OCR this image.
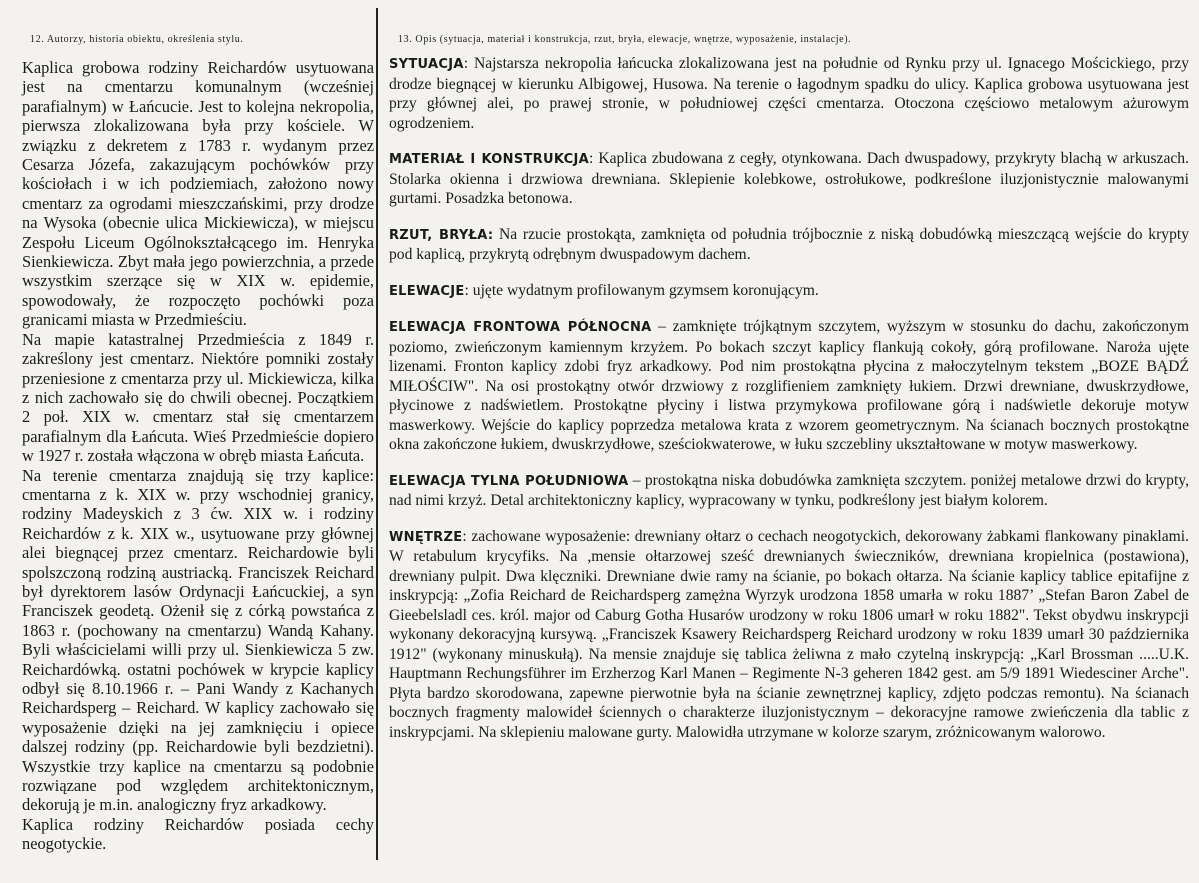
12. Autorzy, historia obiektu, określenia stylu.	13. Opis (sytuacja, materiał i konstrukcja, rzut, bryła, elewacje, wnętrze, wyposażenie, instalacje).

Kaplica grobowa rodziny Reichardów usytuowana jest na cmentarzu komunalnym (wcześniej parafialnym) w Łańcucie. Jest to kolejna nekropolia, pierwsza zlokalizowana była przy kościele. W związku z dekretem z 1783 r. wydanym przez Cesarza Józefa, zakazującym pochówków przy kościołach i w ich podziemiach, założono nowy cmentarz za ogrodami mieszczańskimi, przy drodze na Wysoka (obecnie ulica Mickiewicza), w miejscu Zespołu Liceum Ogólnokształcącego im. Henryka Sienkiewicza. Zbyt mała jego powierzchnia, a przede wszystkim szerzące się w XIX w. epidemie, spowodowały, że rozpoczęto pochówki poza granicami miasta w Przedmieściu.

Na mapie katastralnej Przedmieścia z 1849 r. zakreślony jest cmentarz. Niektóre pomniki zostały przeniesione z cmentarza przy ul. Mickiewicza, kilka z nich zachowało się do chwili obecnej. Początkiem 2 poł. XIX w. cmentarz stał się cmentarzem parafialnym dla Łańcuta. Wieś Przedmieście dopiero w 1927 r. została włączona w obręb miasta Łańcuta.

Na terenie cmentarza znajdują się trzy kaplice: cmentarna z k. XIX w. przy wschodniej granicy, rodziny Madeyskich z 3 ćw. XIX w. i rodziny Reichardów z k. XIX w., usytuowane przy głównej alei biegnącej przez cmentarz. Reichardowie byli spolszczoną rodziną austriacką. Franciszek Reichard był dyrektorem lasów Ordynacji Łańcuckiej, a syn Franciszek geodetą. Ożenił się z córką powstańca z 1863 r. (pochowany na cmentarzu) Wandą Kahany. Byli właścicielami willi przy ul. Sienkiewicza 5 zw. Reichardówką. ostatni pochówek w krypcie kaplicy odbył się 8.10.1966 r. – Pani Wandy z Kachanych Reichardsperg – Reichard. W kaplicy zachowało się wyposażenie dzięki na jej zamknięciu i opiece dalszej rodziny (pp. Reichardowie byli bezdzietni). Wszystkie trzy kaplice na cmentarzu są podobnie rozwiązane pod względem architektonicznym, dekorują je m.in. analogiczny fryz arkadkowy.

Kaplica rodziny Reichardów posiada cechy neogotyckie.

SYTUACJA: Najstarsza nekropolia łańcucka zlokalizowana jest na południe od Rynku przy ul. Ignacego Mościckiego, przy drodze biegnącej w kierunku Albigowej, Husowa. Na terenie o łagodnym spadku do ulicy. Kaplica grobowa usytuowana jest przy głównej alei, po prawej stronie, w południowej części cmentarza. Otoczona częściowo metalowym ażurowym ogrodzeniem.

MATERIAŁ I KONSTRUKCJA: Kaplica zbudowana z cegły, otynkowana. Dach dwuspadowy, przykryty blachą w arkuszach. Stolarka okienna i drzwiowa drewniana. Sklepienie kolebkowe, ostrołukowe, podkreślone iluzjonistycznie malowanymi gurtami. Posadzka betonowa.

RZUT, BRYŁA: Na rzucie prostokąta, zamknięta od południa trójbocznie z niską dobudówką mieszczącą wejście do krypty pod kaplicą, przykrytą odrębnym dwuspadowym dachem.

ELEWACJE: ujęte wydatnym profilowanym gzymsem koronującym.

ELEWACJA FRONTOWA PÓŁNOCNA – zamknięte trójkątnym szczytem, wyższym w stosunku do dachu, zakończonym poziomo, zwieńczonym kamiennym krzyżem. Po bokach szczyt kaplicy flankują cokoły, górą profilowane. Naroża ujęte lizenami. Fronton kaplicy zdobi fryz arkadkowy. Pod nim prostokątna płycina z małoczytelnym tekstem „BOZE BĄDŹ MIŁOŚCIW". Na osi prostokątny otwór drzwiowy z rozglifieniem zamknięty łukiem. Drzwi drewniane, dwuskrzydłowe, płycinowe z nadświetlem. Prostokątne płyciny i listwa przymykowa profilowane górą i nadświetle dekoruje motyw maswerkowy. Wejście do kaplicy poprzedza metalowa krata z wzorem geometrycznym. Na ścianach bocznych prostokątne okna zakończone łukiem, dwuskrzydłowe, sześciokwaterowe, w łuku szczebliny ukształtowane w motyw maswerkowy.

ELEWACJA TYLNA POŁUDNIOWA – prostokątna niska dobudówka zamknięta szczytem. poniżej metalowe drzwi do krypty, nad nimi krzyż. Detal architektoniczny kaplicy, wypracowany w tynku, podkreślony jest białym kolorem.

WNĘTRZE: zachowane wyposażenie: drewniany ołtarz o cechach neogotyckich, dekorowany żabkami flankowany pinaklami. W retabulum krycyfiks. Na ,mensie ołtarzowej sześć drewnianych świeczników, drewniana kropielnica (postawiona), drewniany pulpit. Dwa klęczniki. Drewniane dwie ramy na ścianie, po bokach ołtarza. Na ścianie kaplicy tablice epitafijne z inskrypcją: „Zofia Reichard de Reichardsperg zamężna Wyrzyk urodzona 1858 umarła w roku 1887’ „Stefan Baron Zabel de Gieebelsladl ces. król. major od Caburg Gotha Husarów urodzony w roku 1806 umarł w roku 1882". Tekst obydwu inskrypcji wykonany dekoracyjną kursywą. „Franciszek Ksawery Reichardsperg Reichard urodzony w roku 1839 umarł 30 października 1912" (wykonany minuskułą). Na mensie znajduje się tablica żeliwna z mało czytelną inskrypcją: „Karl Brossman .....U.K. Hauptmann Rechungsführer im Erzherzog Karl Manen – Regimente N-3 geheren 1842 gest. am 5/9 1891 Wiedesciner Arche". Płyta bardzo skorodowana, zapewne pierwotnie była na ścianie zewnętrznej kaplicy, zdjęto podczas remontu). Na ścianach bocznych fragmenty malowideł ściennych o charakterze iluzjonistycznym – dekoracyjne ramowe zwieńczenia dla tablic z inskrypcjami. Na sklepieniu malowane gurty. Malowidła utrzymane w kolorze szarym, zróżnicowanym walorowo.
